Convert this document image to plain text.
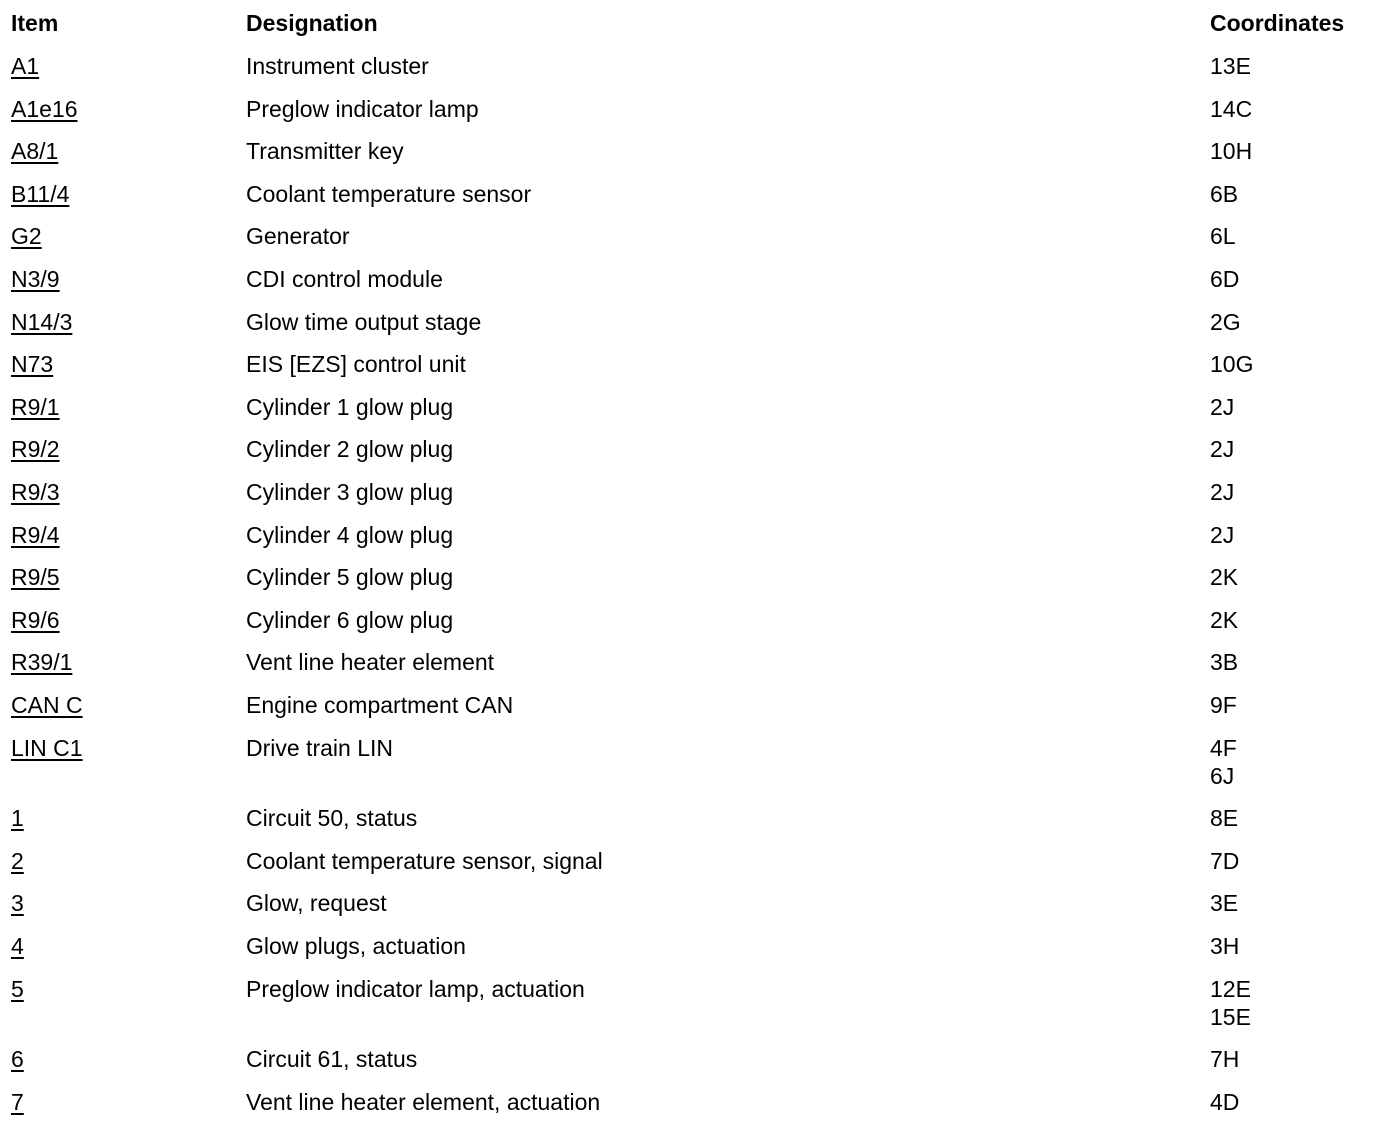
Item	Designation	Coordinates
A1	Instrument cluster	13E
A1e16	Preglow indicator lamp	14C
A8/1	Transmitter key	10H
B11/4	Coolant temperature sensor	6B
G2	Generator	6L
N3/9	CDI control module	6D
N14/3	Glow time output stage	2G
N73	EIS [EZS] control unit	10G
R9/1	Cylinder 1 glow plug	2J
R9/2	Cylinder 2 glow plug	2J
R9/3	Cylinder 3 glow plug	2J
R9/4	Cylinder 4 glow plug	2J
R9/5	Cylinder 5 glow plug	2K
R9/6	Cylinder 6 glow plug	2K
R39/1	Vent line heater element	3B
CAN C	Engine compartment CAN	9F
LIN C1	Drive train LIN	4F
6J
1	Circuit 50, status	8E
2	Coolant temperature sensor, signal	7D
3	Glow, request	3E
4	Glow plugs, actuation	3H
5	Preglow indicator lamp, actuation	12E
15E
6	Circuit 61, status	7H
7	Vent line heater element, actuation	4D
